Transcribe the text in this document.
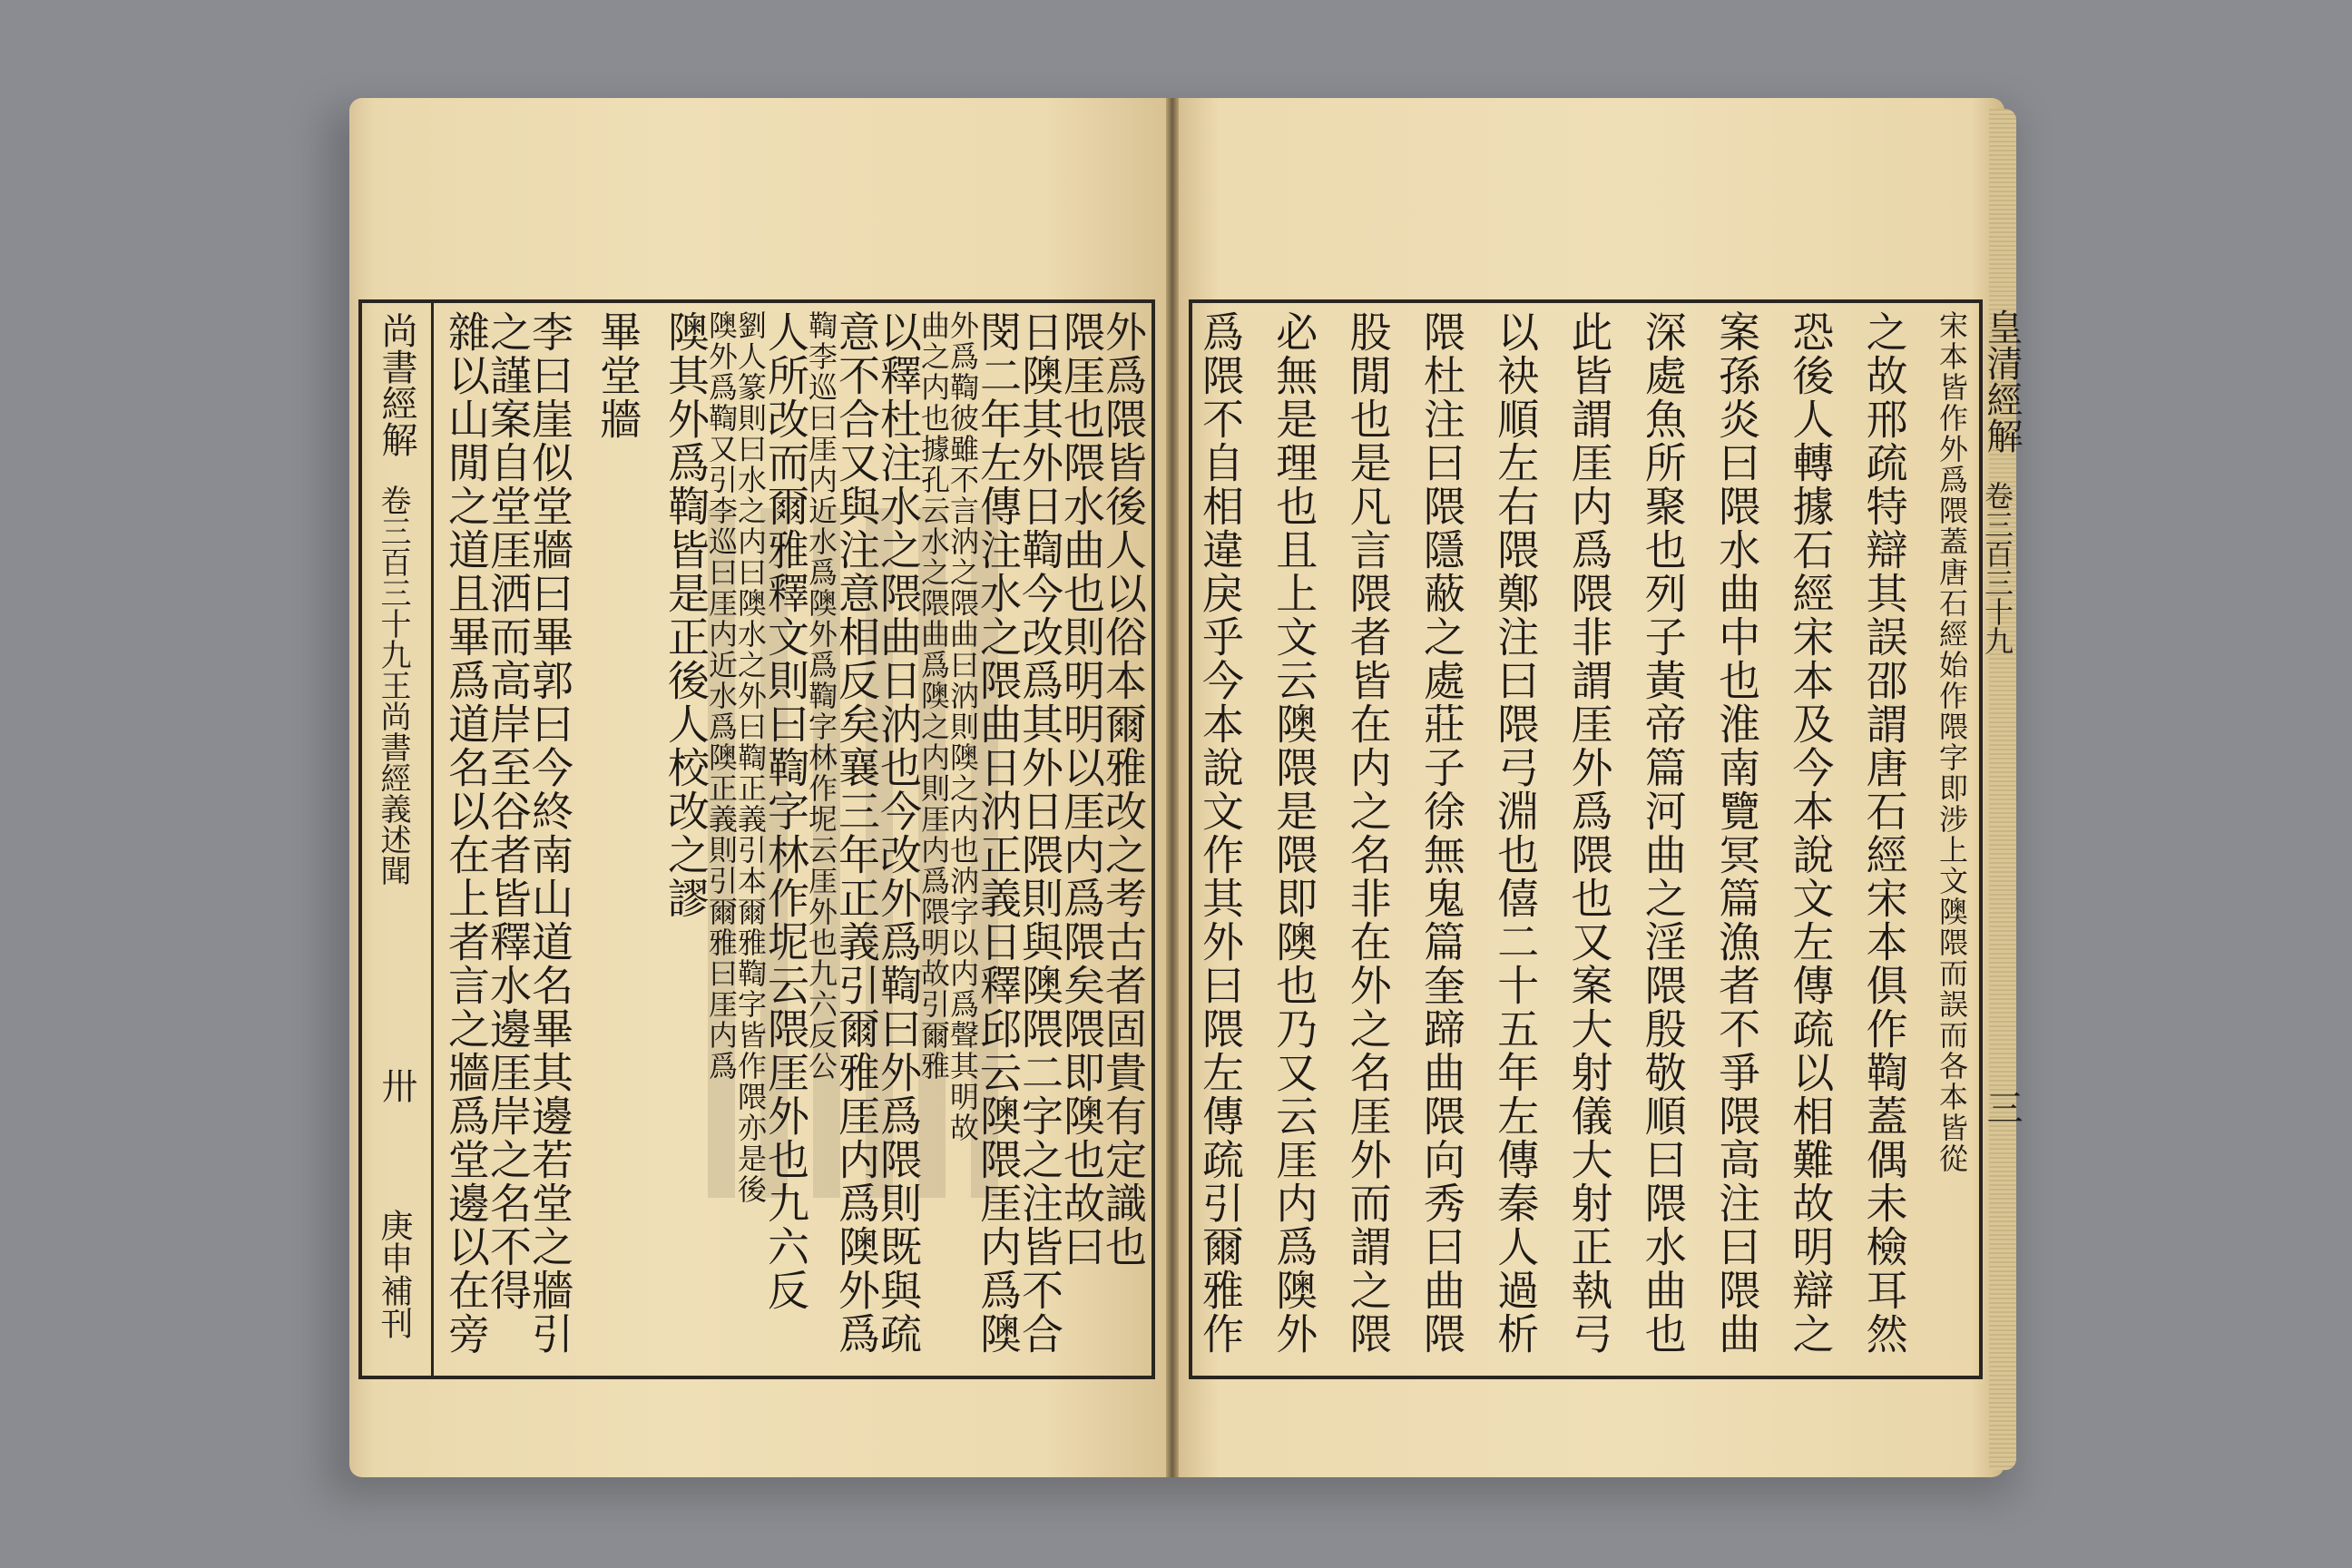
尚書經解
卷三百三十九王尚書經義述聞
卅
庚申補刊
外爲隈皆後人以俗本爾雅改之考古者固貴有定識也
隈厓也隈水曲也則明明以厓内爲隈矣隈即隩也故曰
日隩其外日鞫今改爲其外日隈則與隩隈二字之注皆不合
閔二年左傳注水之隈曲日汭正義日釋邱云隩隈厓内爲隩
外爲鞫彼雖不言汭之隈曲曰汭則隩之内也汭字以内爲聲其明故
曲之内也據孔云水之隈曲爲隩之内則厓内爲隈明故引爾雅
以釋杜注水之隈曲日汭也今改外爲鞫曰外爲隈則既與疏
意不合又與注意相反矣襄三年正義引爾雅厓内爲隩外爲
鞫李巡曰厓内近水爲隩外爲鞫字林作坭云厓外也九六反公
人所改而爾雅釋文則曰鞫字林作坭云隈厓外也九六反
劉人篆則曰水之内曰隩水之外曰鞫正義引本爾雅鞫字皆作隈亦是後
隩外爲鞫又引李巡曰厓内近水爲隩正義則引爾雅曰厓内爲
隩其外爲鞫皆是正後人校改之謬
畢堂牆
李曰崖似堂牆曰畢郭曰今終南山道名畢其邊若堂之牆引
之謹案自堂厓洒而高岸至谷者皆釋水邊厓岸之名不得
雜以山閒之道且畢爲道名以在上者言之牆爲堂邊以在旁	宋本皆作外爲隈蓋唐石經始作隈字即涉上文隩隈而誤而各本皆從
之故邢疏特辯其誤邵謂唐石經宋本俱作鞫蓋偶未檢耳然
恐後人轉據石經宋本及今本說文左傳疏以相難故明辯之
案孫炎曰隈水曲中也淮南覽冥篇漁者不爭隈高注曰隈曲
深處魚所聚也列子黃帝篇河曲之淫隈殷敬順曰隈水曲也
此皆謂厓内爲隈非謂厓外爲隈也又案大射儀大射正執弓
以袂順左右隈鄭注曰隈弓淵也僖二十五年左傳秦人過析
隈杜注曰隈隱蔽之處莊子徐無鬼篇奎蹄曲隈向秀曰曲隈
股閒也是凡言隈者皆在内之名非在外之名厓外而謂之隈
必無是理也且上文云隩隈是隈即隩也乃又云厓内爲隩外
爲隈不自相違戾乎今本說文作其外曰隈左傳疏引爾雅作	皇清經解
卷三百三十九
三
